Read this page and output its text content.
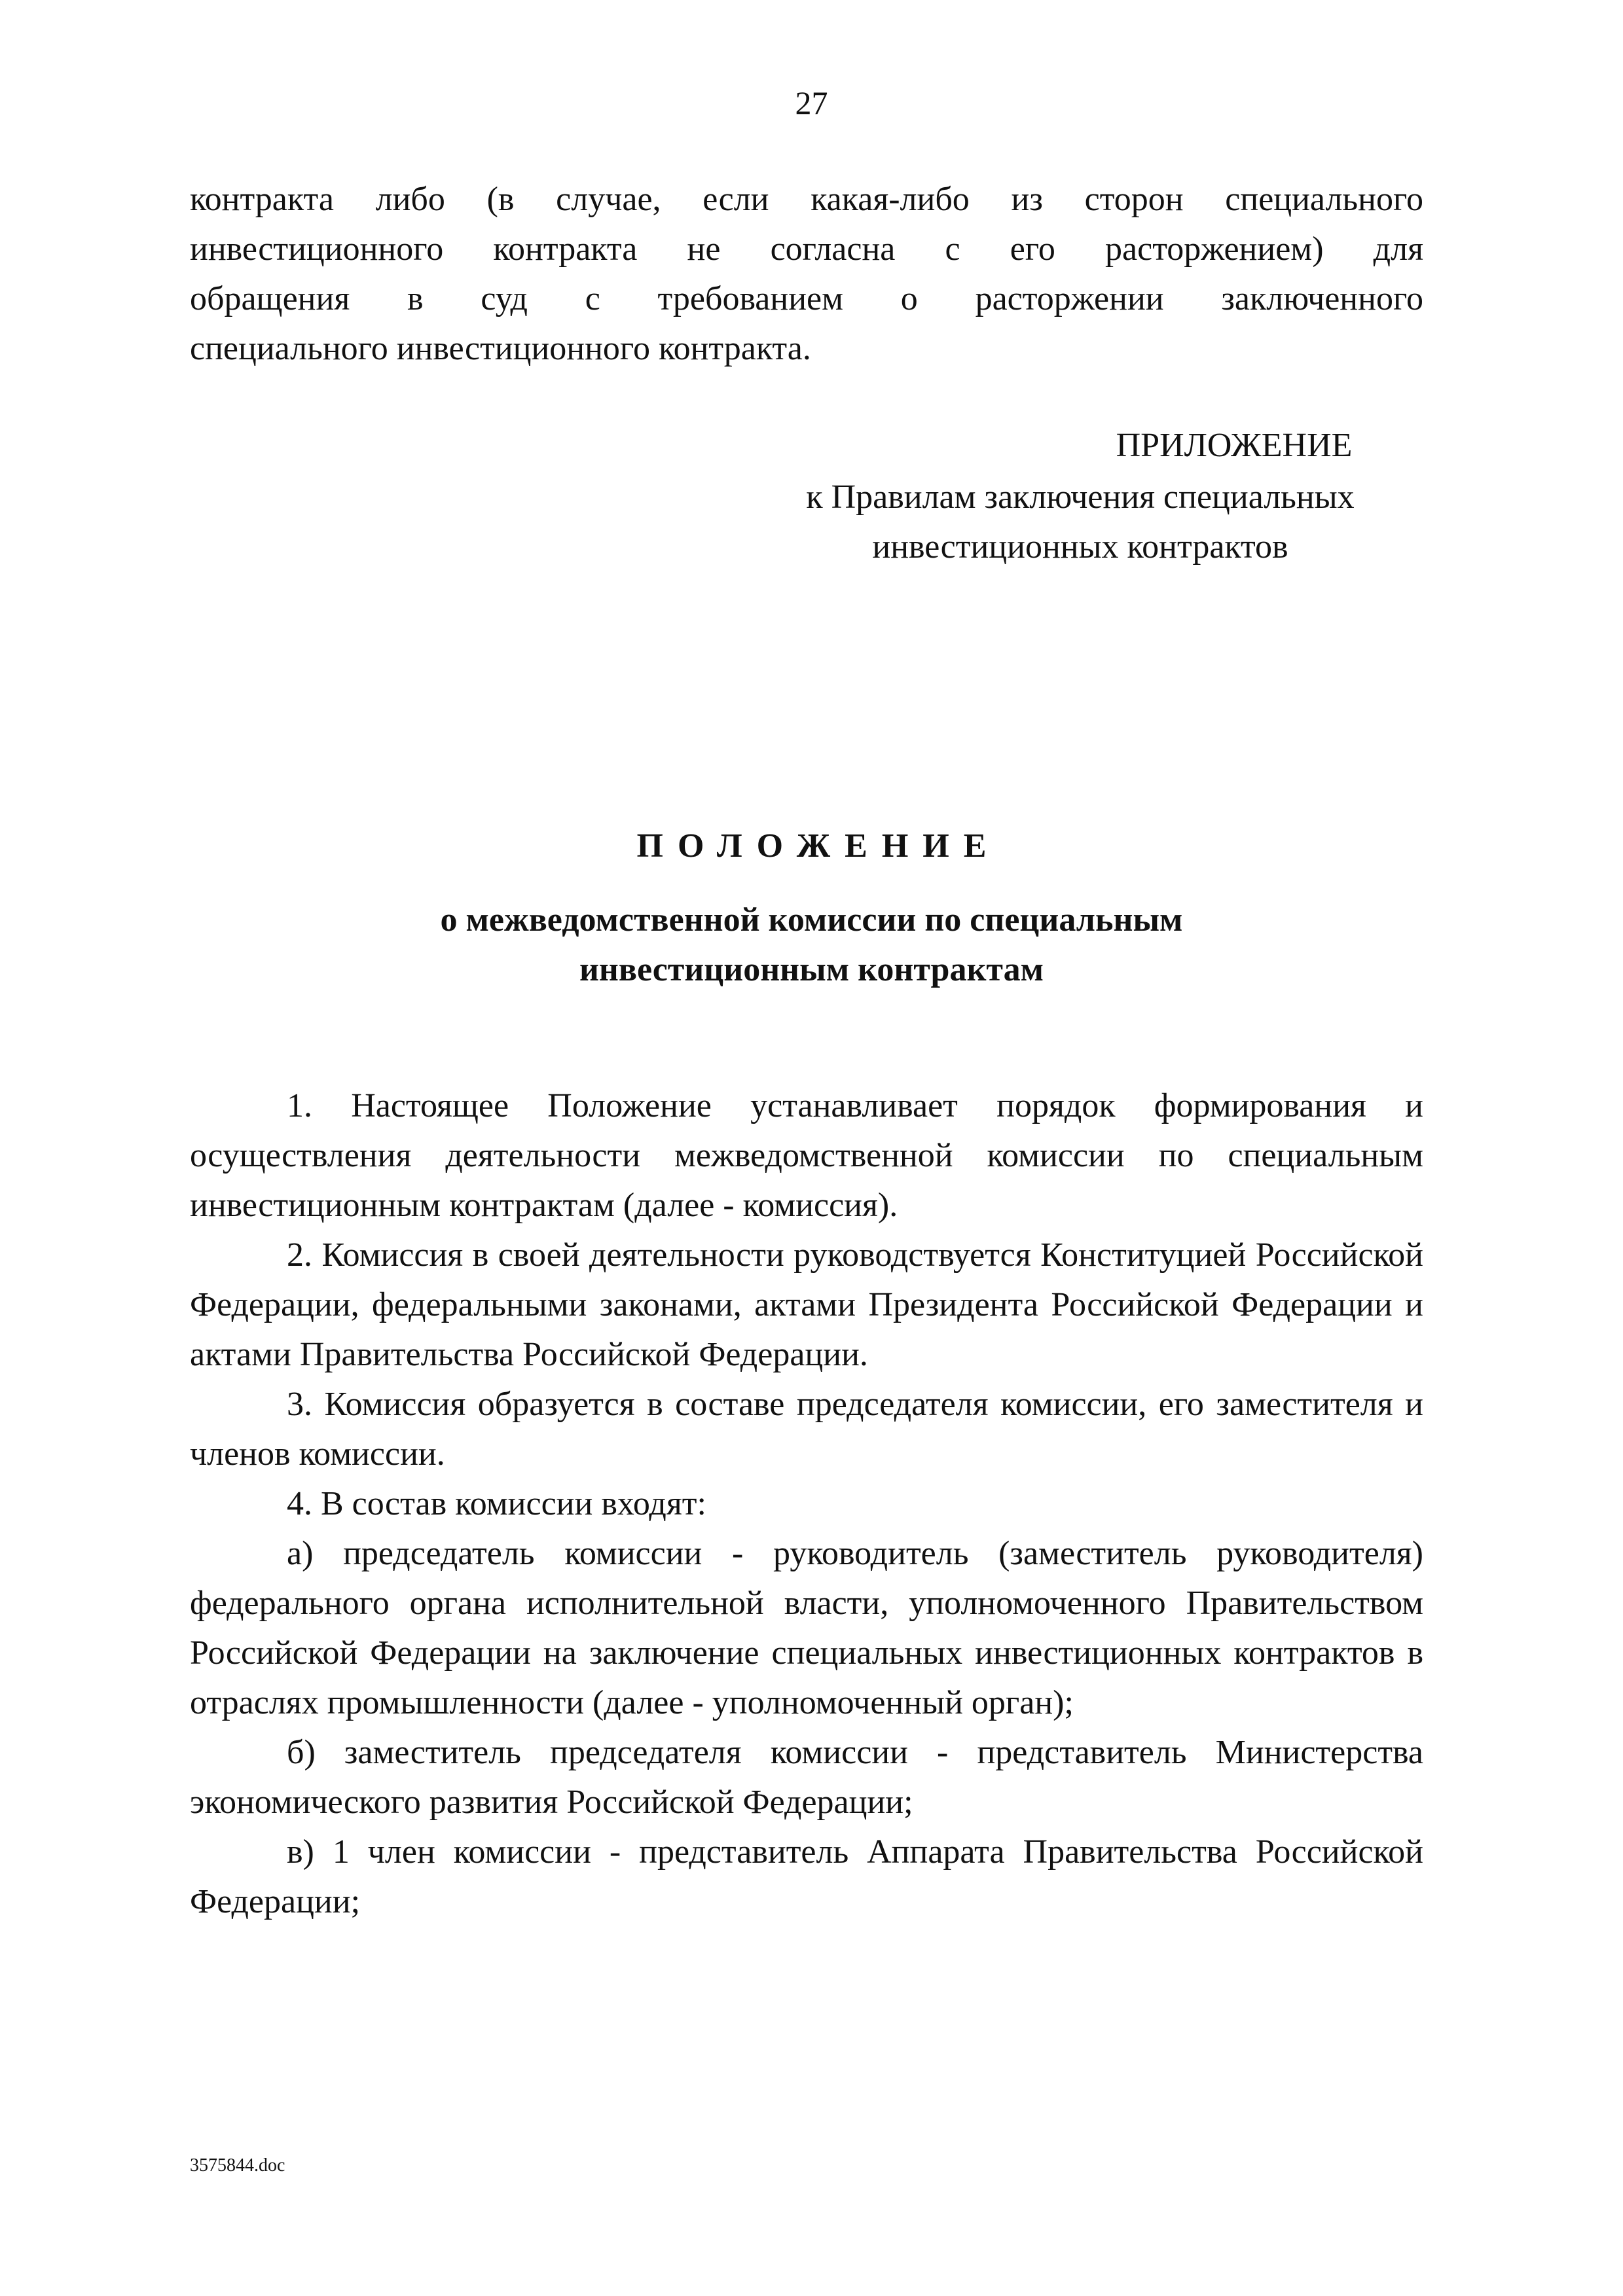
27
контракта либо (в случае, если какая-либо из сторон специального
инвестиционного контракта не согласна с его расторжением) для
обращения в суд с требованием о расторжении заключенного
специального инвестиционного контракта.
ПРИЛОЖЕНИЕ
к Правилам заключения специальных
инвестиционных контрактов
ПОЛОЖЕНИЕ
о межведомственной комиссии по специальным
инвестиционным контрактам

1. Настоящее Положение устанавливает порядок формирования и осуществления деятельности межведомственной комиссии по специальным инвестиционным контрактам (далее - комиссия).

2. Комиссия в своей деятельности руководствуется Конституцией Российской Федерации, федеральными законами, актами Президента Российской Федерации и актами Правительства Российской Федерации.

3. Комиссия образуется в составе председателя комиссии, его заместителя и членов комиссии.

4. В состав комиссии входят:

а) председатель комиссии - руководитель (заместитель руководителя) федерального органа исполнительной власти, уполномоченного Правительством Российской Федерации на заключение специальных инвестиционных контрактов в отраслях промышленности (далее - уполномоченный орган);

б) заместитель председателя комиссии - представитель Министерства экономического развития Российской Федерации;

в) 1 член комиссии - представитель Аппарата Правительства Российской Федерации;

3575844.doc
